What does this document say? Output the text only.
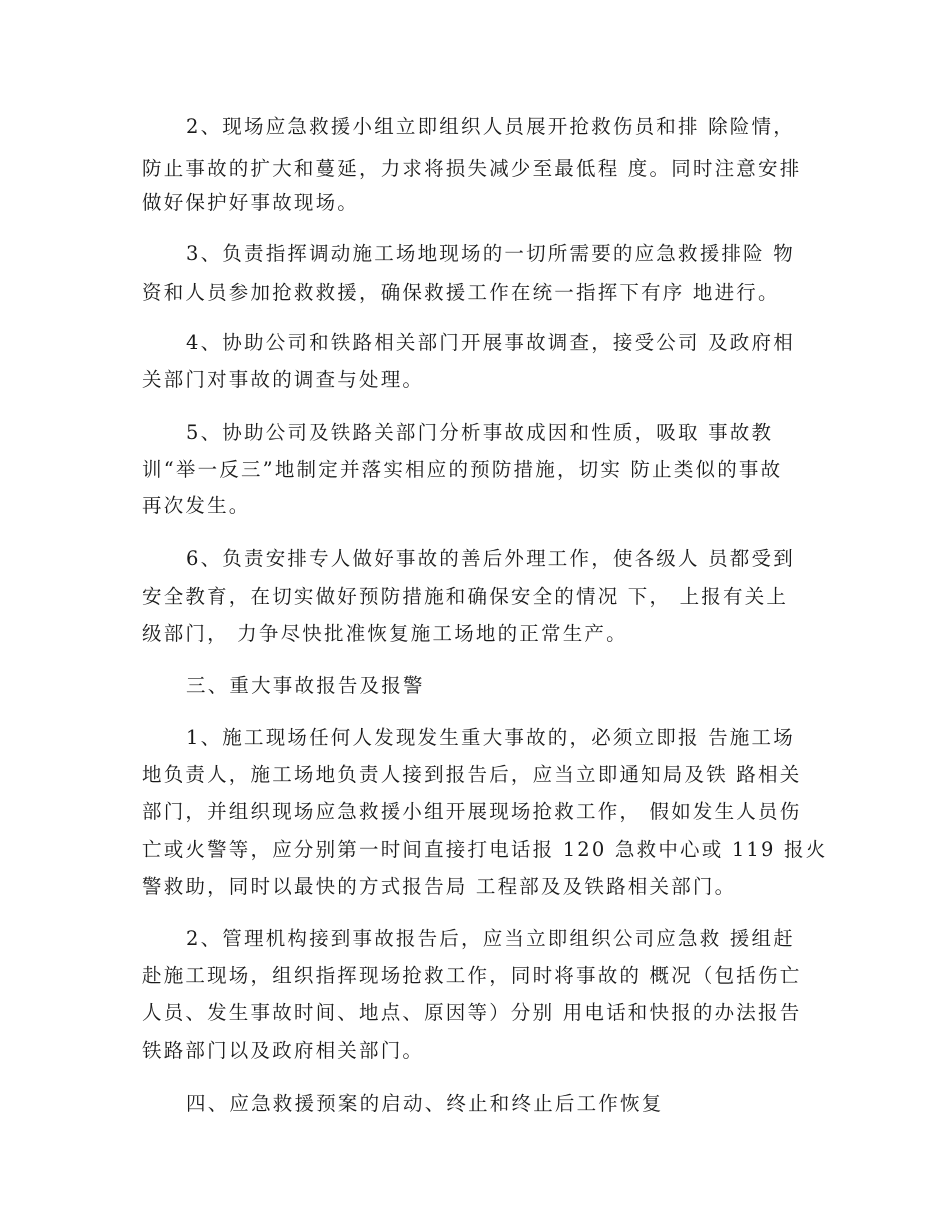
2、现场应急救援小组立即组织人员展开抢救伤员和排 除险情，
防止事故的扩大和蔓延，力求将损失减少至最低程 度。同时注意安排
做好保护好事故现场。
3、负责指挥调动施工场地现场的一切所需要的应急救援排险 物
资和人员参加抢救救援，确保救援工作在统一指挥下有序 地进行。
4、协助公司和铁路相关部门开展事故调查，接受公司 及政府相
关部门对事故的调查与处理。
5、协助公司及铁路关部门分析事故成因和性质，吸取 事故教
训“举一反三”地制定并落实相应的预防措施，切实 防止类似的事故
再次发生。
6、负责安排专人做好事故的善后外理工作，使各级人 员都受到
安全教育，在切实做好预防措施和确保安全的情况 下， 上报有关上
级部门， 力争尽快批准恢复施工场地的正常生产。
三、重大事故报告及报警
1、施工现场任何人发现发生重大事故的，必须立即报 告施工场
地负责人，施工场地负责人接到报告后，应当立即通知局及铁 路相关
部门，并组织现场应急救援小组开展现场抢救工作， 假如发生人员伤
亡或火警等，应分别第一时间直接打电话报 120 急救中心或 119 报火
警救助，同时以最快的方式报告局 工程部及及铁路相关部门。
2、管理机构接到事故报告后，应当立即组织公司应急救 援组赶
赴施工现场，组织指挥现场抢救工作，同时将事故的 概况（包括伤亡
人员、发生事故时间、地点、原因等）分别 用电话和快报的办法报告
铁路部门以及政府相关部门。
四、应急救援预案的启动、终止和终止后工作恢复
